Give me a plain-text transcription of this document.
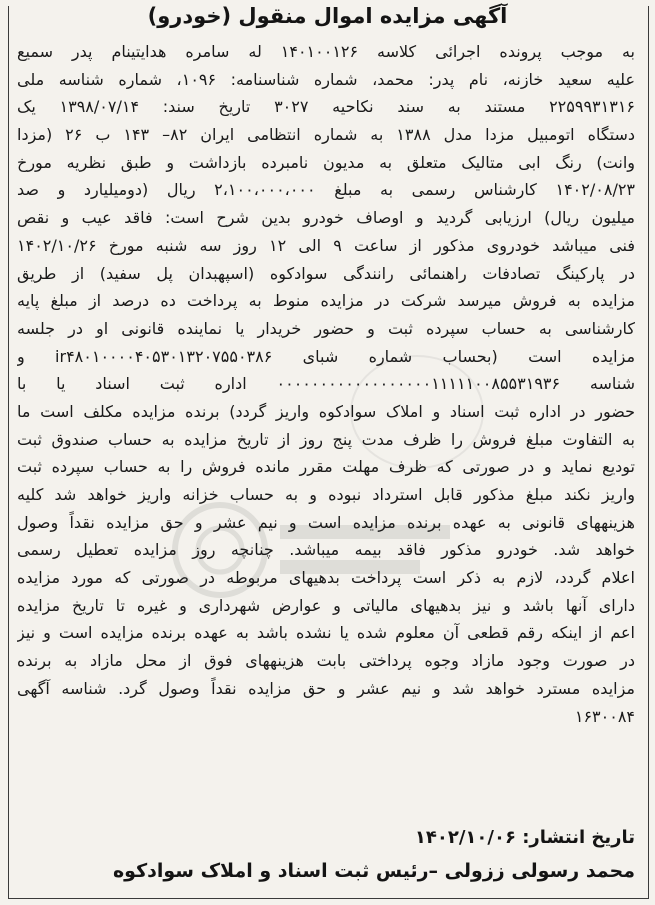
آگهی مزایده اموال منقول (خودرو)
به موجب پرونده اجرائی کلاسه ۱۴۰۱۰۰۱۲۶ له سامره هدایتینام پدر سمیع
علیه سعید خازنه، نام پدر: محمد، شماره شناسنامه: ۱۰۹۶، شماره شناسه ملی
۲۲۵۹۹۳۱۳۱۶ مستند به سند نکاحیه ۳۰۲۷ تاریخ سند: ۱۳۹۸/۰۷/۱۴ یک
دستگاه اتومبیل مزدا مدل ۱۳۸۸ به شماره انتظامی ایران ۸۲– ۱۴۳ ب ۲۶ (مزدا
وانت) رنگ ابی متالیک متعلق به مدیون نامبرده بازداشت و طبق نظریه مورخ
۱۴۰۲/۰۸/۲۳ کارشناس رسمی به مبلغ ۲،۱۰۰،۰۰۰،۰۰۰ ریال (دومیلیارد و صد
میلیون ریال) ارزیابی گردید و اوصاف خودرو بدین شرح است: فاقد عیب و نقص
فنی میباشد خودروی مذکور از ساعت ۹ الی ۱۲ روز سه شنبه مورخ ۱۴۰۲/۱۰/۲۶
در پارکینگ تصادفات راهنمائی رانندگی سوادکوه (اسپهبدان پل سفید) از طریق
مزایده به فروش میرسد شرکت در مزایده منوط به پرداخت ده درصد از مبلغ پایه
کارشناسی به حساب سپرده ثبت و حضور خریدار یا نماینده قانونی او در جلسه
مزایده است (بحساب شماره شبای ir۴۸۰۱۰۰۰۰۴۰۵۳۰۱۳۲۰۷۵۵۰۳۸۶ و
شناسه ۰۰۰۰۰۰۰۰۰۰۰۰۰۰۰۰۰۰۱۱۱۱۱۰۰۸۵۵۳۱۹۳۶ اداره ثبت اسناد یا با
حضور در اداره ثبت اسناد و املاک سوادکوه واریز گردد) برنده مزایده مکلف است ما
به التفاوت مبلغ فروش را ظرف مدت پنج روز از تاریخ مزایده به حساب صندوق ثبت
تودیع نماید و در صورتی که ظرف مهلت مقرر مانده فروش را به حساب سپرده ثبت
واریز نکند مبلغ مذکور قابل استرداد نبوده و به حساب خزانه واریز خواهد شد کلیه
هزینههای قانونی به عهده برنده مزایده است و نیم عشر و حق مزایده نقداً وصول
خواهد شد. خودرو مذکور فاقد بیمه میباشد. چنانچه روز مزایده تعطیل رسمی
اعلام گردد، لازم به ذکر است پرداخت بدهیهای مربوطه در صورتی که مورد مزایده
دارای آنها باشد و نیز بدهیهای مالیاتی و عوارض شهرداری و غیره تا تاریخ مزایده
اعم از اینکه رقم قطعی آن معلوم شده یا نشده باشد به عهده برنده مزایده است و نیز
در صورت وجود مازاد وجوه پرداختی بابت هزینههای فوق از محل مازاد به برنده
مزایده مسترد خواهد شد و نیم عشر و حق مزایده نقداً وصول گرد. شناسه آگهی
۱۶۳۰۰۸۴
تاریخ انتشار: ۱۴۰۲/۱۰/۰۶
محمد رسولی ززولی –رئیس ثبت اسناد و املاک سوادکوه
